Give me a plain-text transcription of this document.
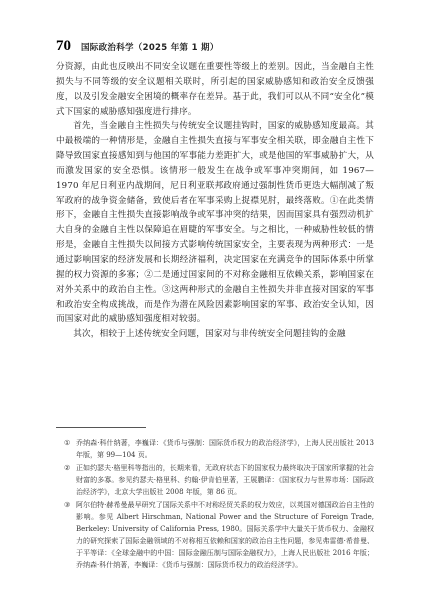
70 国际政治科学（2025 年第 1 期）

分资源，由此也反映出不同安全议题在重要性等级上的差别。因此，当金融自主性损失与不同等级的安全议题相关联时，所引起的国家威胁感知和政治安全反馈强度，以及引发金融安全困境的概率存在差异。基于此，我们可以从不同“安全化”模式下国家的威胁感知强度进行排序。

首先，当金融自主性损失与传统安全议题挂钩时，国家的威胁感知度最高。其中最极端的一种情形是，金融自主性损失直接与军事安全相关联，即金融自主性下降导致国家直接感知到与他国的军事能力差距扩大，或是他国的军事威胁扩大，从而激发国家的安全恐惧。该情形一般发生在战争或军事冲突期间，如 1967—1970 年尼日利亚内战期间，尼日利亚联邦政府通过强制性货币更迭大幅削减了叛军政府的战争资金储备，致使后者在军事采购上捉襟见肘，最终落败。①在此类情形下，金融自主性损失直接影响战争或军事冲突的结果，因而国家具有强烈动机扩大自身的金融自主性以保障追在眉睫的军事安全。与之相比，一种威胁性较低的情形是，金融自主性损失以间接方式影响传统国家安全，主要表现为两种形式：一是通过影响国家的经济发展和长期经济福利，决定国家在充满竞争的国际体系中所掌握的权力资源的多寡；②二是通过国家间的不对称金融相互依赖关系，影响国家在对外关系中的政治自主性。③这两种形式的金融自主性损失并非直接对国家的军事和政治安全构成挑战，而是作为潜在风险因素影响国家的军事、政治安全认知，因而国家对此的威胁感知强度相对较弱。

其次，相较于上述传统安全问题，国家对与非传统安全问题挂钩的金融

① 乔纳森·科什纳著，李巍译：《货币与强制：国际货币权力的政治经济学》，上海人民出版社 2013 年版，第 99—104 页。
② 正如约瑟夫·格里科等指出的，长期来看，无政府状态下的国家权力最终取决于国家所掌握的社会财富的多寡。参见约瑟夫·格里科、约翰·伊肯伯里著，王展鹏译：《国家权力与世界市场：国际政治经济学》，北京大学出版社 2008 年版，第 86 页。
③ 阿尔伯特·赫希曼最早研究了国际关系中不对称经贸关系的权力效应，以英国对德国政治自主性的影响。参见 Albert Hirschman, National Power and the Structure of Foreign Trade, Berkeley: University of California Press, 1980。国际关系学中大量关于货币权力、金融权力的研究探索了国际金融领域的不对称相互依赖和国家的政治自主性问题，参见弗雷德·希普曼、于平等译：《全球金融中的中国：国际金融压制与国际金融权力》，上海人民出版社 2016 年版；乔纳森·科什纳著，李巍译：《货币与强制：国际货币权力的政治经济学》。
